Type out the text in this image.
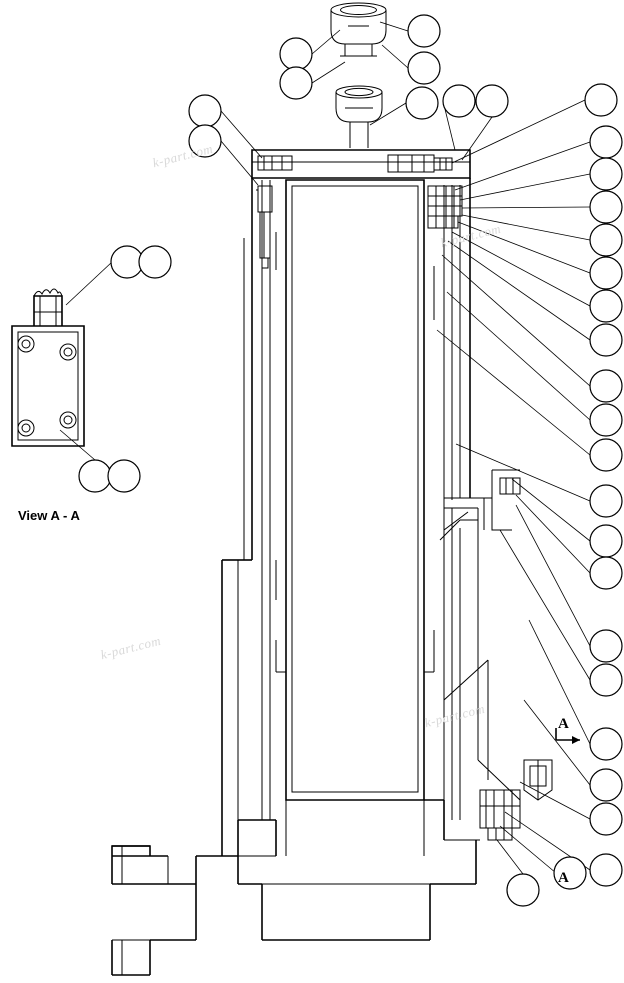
k-part.com
k-part.com
k-part.com
k-part.com
View A - A
A
A
